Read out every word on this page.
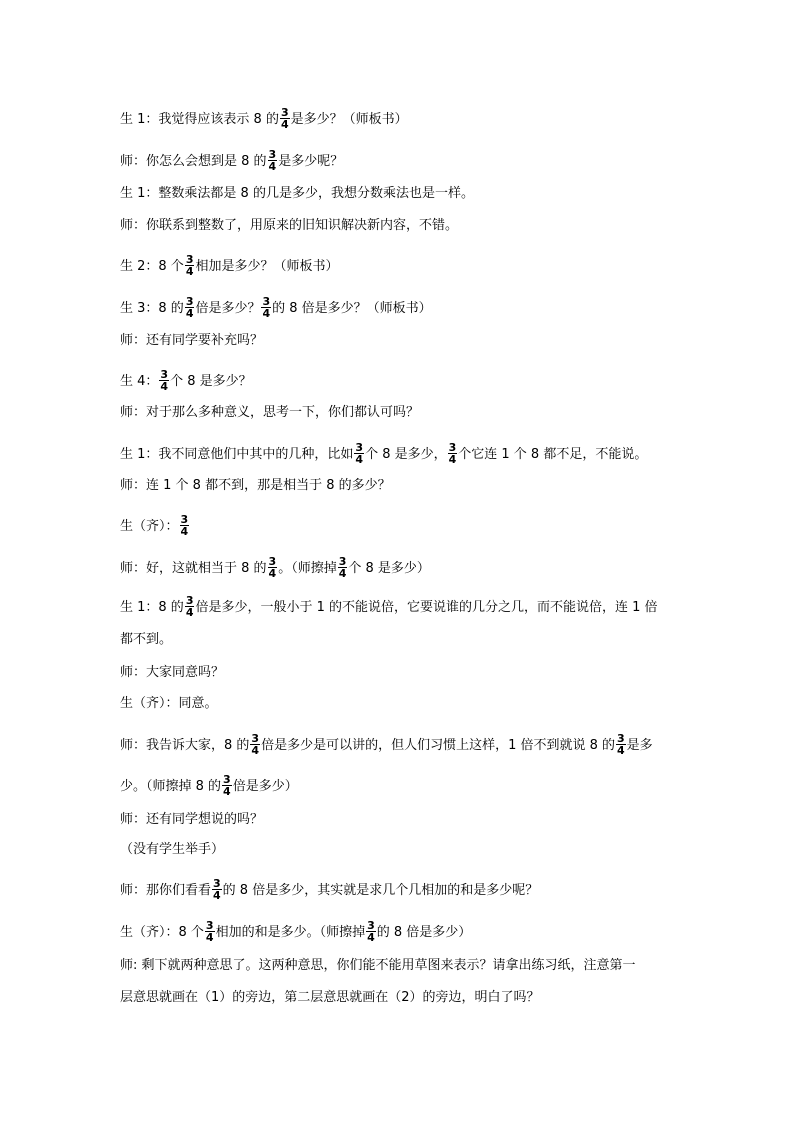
生 1：我觉得应该表示 8 的 $\frac{3}{4}$ 是多少？（师板书）
师：你怎么会想到是 8 的 $\frac{3}{4}$ 是多少呢？
生 1：整数乘法都是 8 的几是多少，我想分数乘法也是一样。
师：你联系到整数了，用原来的旧知识解决新内容，不错。
生 2：8 个 $\frac{3}{4}$ 相加是多少？（师板书）
生 3：8 的 $\frac{3}{4}$ 倍是多少？ $\frac{3}{4}$ 的 8 倍是多少？（师板书）
师：还有同学要补充吗？
生 4： $\frac{3}{4}$ 个 8 是多少？
师：对于那么多种意义，思考一下，你们都认可吗？
生 1：我不同意他们中其中的几种，比如 $\frac{3}{4}$ 个 8 是多少， $\frac{3}{4}$ 个它连 1 个 8 都不足，不能说。
师：连 1 个 8 都不到，那是相当于 8 的多少？
生（齐）： $\frac{3}{4}$
师：好，这就相当于 8 的 $\frac{3}{4}$ 。（师擦掉 $\frac{3}{4}$ 个 8 是多少）
生 1：8 的 $\frac{3}{4}$ 倍是多少，一般小于 1 的不能说倍，它要说谁的几分之几，而不能说倍，连 1 倍
都不到。
师：大家同意吗？
生（齐）：同意。
师：我告诉大家，8 的 $\frac{3}{4}$ 倍是多少是可以讲的，但人们习惯上这样，1 倍不到就说 8 的 $\frac{3}{4}$ 是多
少。（师擦掉 8 的 $\frac{3}{4}$ 倍是多少）
师：还有同学想说的吗？
（没有学生举手）
师：那你们看看 $\frac{3}{4}$ 的 8 倍是多少，其实就是求几个几相加的和是多少呢？
生（齐）：8 个 $\frac{3}{4}$ 相加的和是多少。（师擦掉 $\frac{3}{4}$ 的 8 倍是多少）
师: 剩下就两种意思了。这两种意思，你们能不能用草图来表示？请拿出练习纸，注意第一
层意思就画在（1）的旁边，第二层意思就画在（2）的旁边，明白了吗？
